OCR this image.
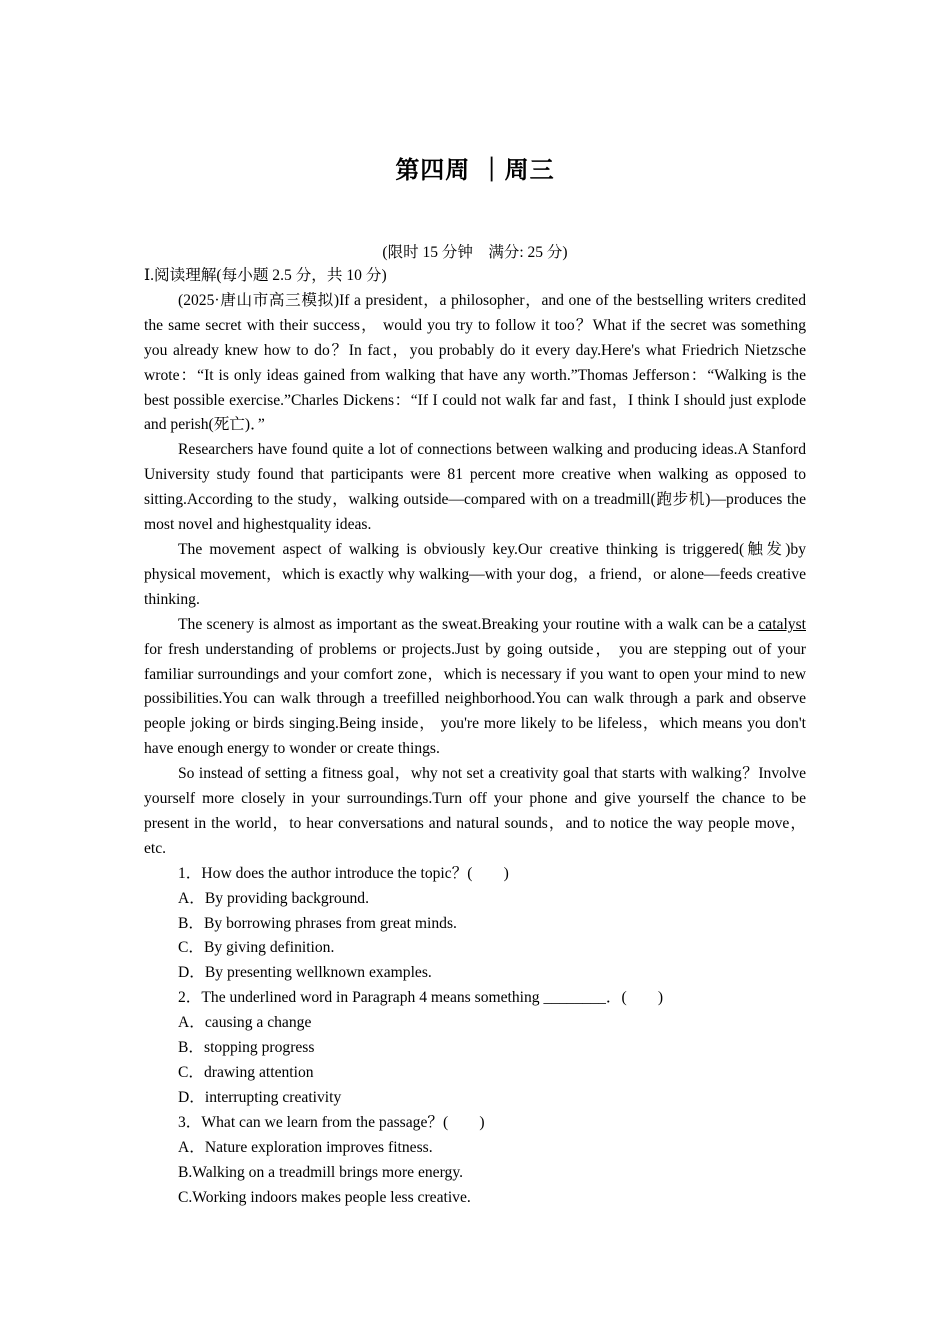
第四周 ｜周三
(限时 15 分钟　满分: 25 分)

Ⅰ.阅读理解(每小题 2.5 分，共 10 分)

(2025·唐山市高三模拟)If a president，a philosopher，and one of the bestselling writers credited the same secret with their success， would you try to follow it too？What if the secret was something you already knew how to do？In fact，you probably do it every day.Here's what Friedrich Nietzsche wrote：“It is only ideas gained from walking that have any worth.”Thomas Jefferson：“Walking is the best possible exercise.”Charles Dickens：“If I could not walk far and fast，I think I should just explode and perish(死亡)．”

Researchers have found quite a lot of connections between walking and producing ideas.A Stanford University study found that participants were 81 percent more creative when walking as opposed to sitting.According to the study，walking outside—compared with on a treadmill(跑步机)—produces the most novel and highestquality ideas.

The movement aspect of walking is obviously key.Our creative thinking is triggered(触发)by physical movement，which is exactly why walking—with your dog，a friend，or alone—feeds creative thinking.

The scenery is almost as important as the sweat.Breaking your routine with a walk can be a catalyst for fresh understanding of problems or projects.Just by going outside， you are stepping out of your familiar surroundings and your comfort zone，which is necessary if you want to open your mind to new possibilities.You can walk through a treefilled neighborhood.You can walk through a park and observe people joking or birds singing.Being inside， you're more likely to be lifeless，which means you don't have enough energy to wonder or create things.

So instead of setting a fitness goal，why not set a creativity goal that starts with walking？Involve yourself more closely in your surroundings.Turn off your phone and give yourself the chance to be present in the world，to hear conversations and natural sounds，and to notice the way people move，etc.

1．How does the author introduce the topic？(　　)

A．By providing background.

B．By borrowing phrases from great minds.

C．By giving definition.

D．By presenting wellknown examples.

2．The underlined word in Paragraph 4 means something ________．(　　)

A．causing a change

B．stopping progress

C．drawing attention

D．interrupting creativity

3．What can we learn from the passage？(　　)

A．Nature exploration improves fitness.

B.Walking on a treadmill brings more energy.

C.Working indoors makes people less creative.
